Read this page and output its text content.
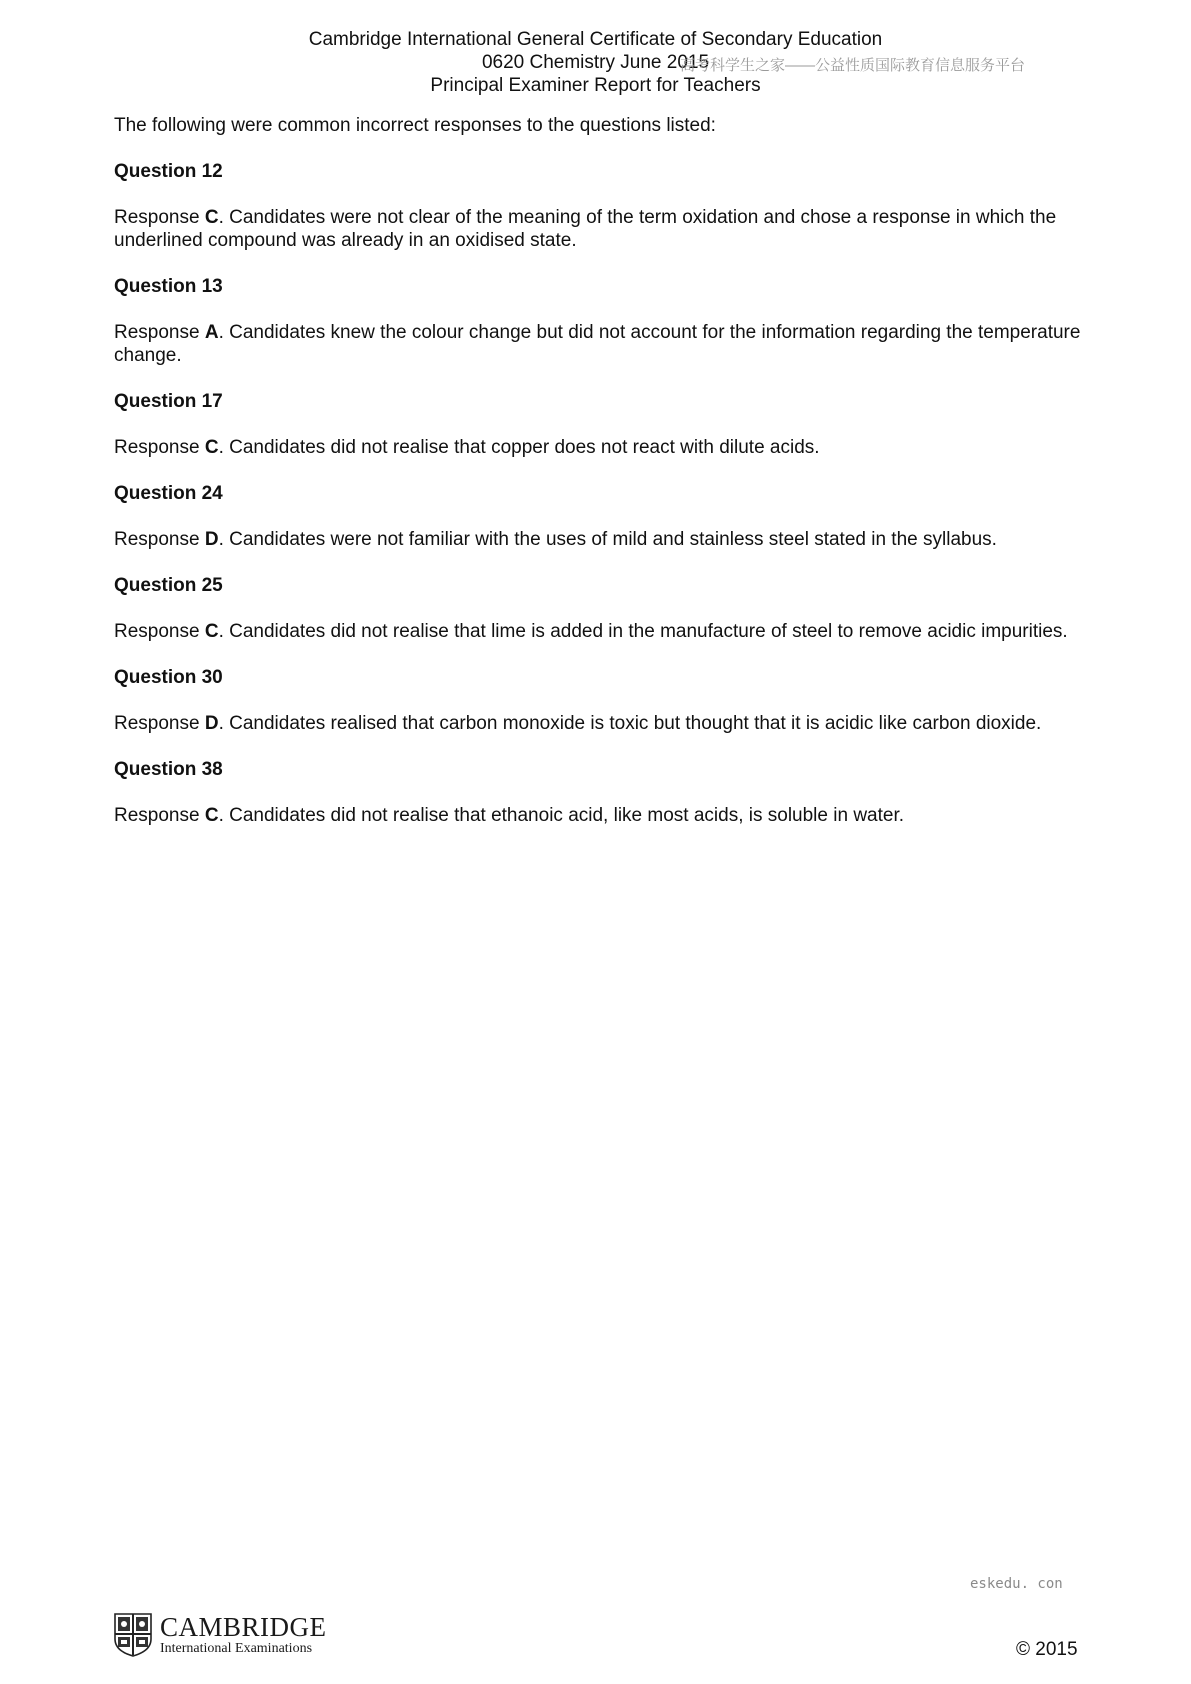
Cambridge International General Certificate of Secondary Education
0620 Chemistry June 2015
Principal Examiner Report for Teachers
高考科学生之家——公益性质国际教育信息服务平台

The following were common incorrect responses to the questions listed:

Question 12

Response C. Candidates were not clear of the meaning of the term oxidation and chose a response in which the underlined compound was already in an oxidised state.

Question 13

Response A. Candidates knew the colour change but did not account for the information regarding the temperature change.

Question 17

Response C. Candidates did not realise that copper does not react with dilute acids.

Question 24

Response D. Candidates were not familiar with the uses of mild and stainless steel stated in the syllabus.

Question 25

Response C. Candidates did not realise that lime is added in the manufacture of steel to remove acidic impurities.

Question 30

Response D. Candidates realised that carbon monoxide is toxic but thought that it is acidic like carbon dioxide.

Question 38

Response C. Candidates did not realise that ethanoic acid, like most acids, is soluble in water.

eskedu. con
CAMBRIDGE
International Examinations	© 2015
